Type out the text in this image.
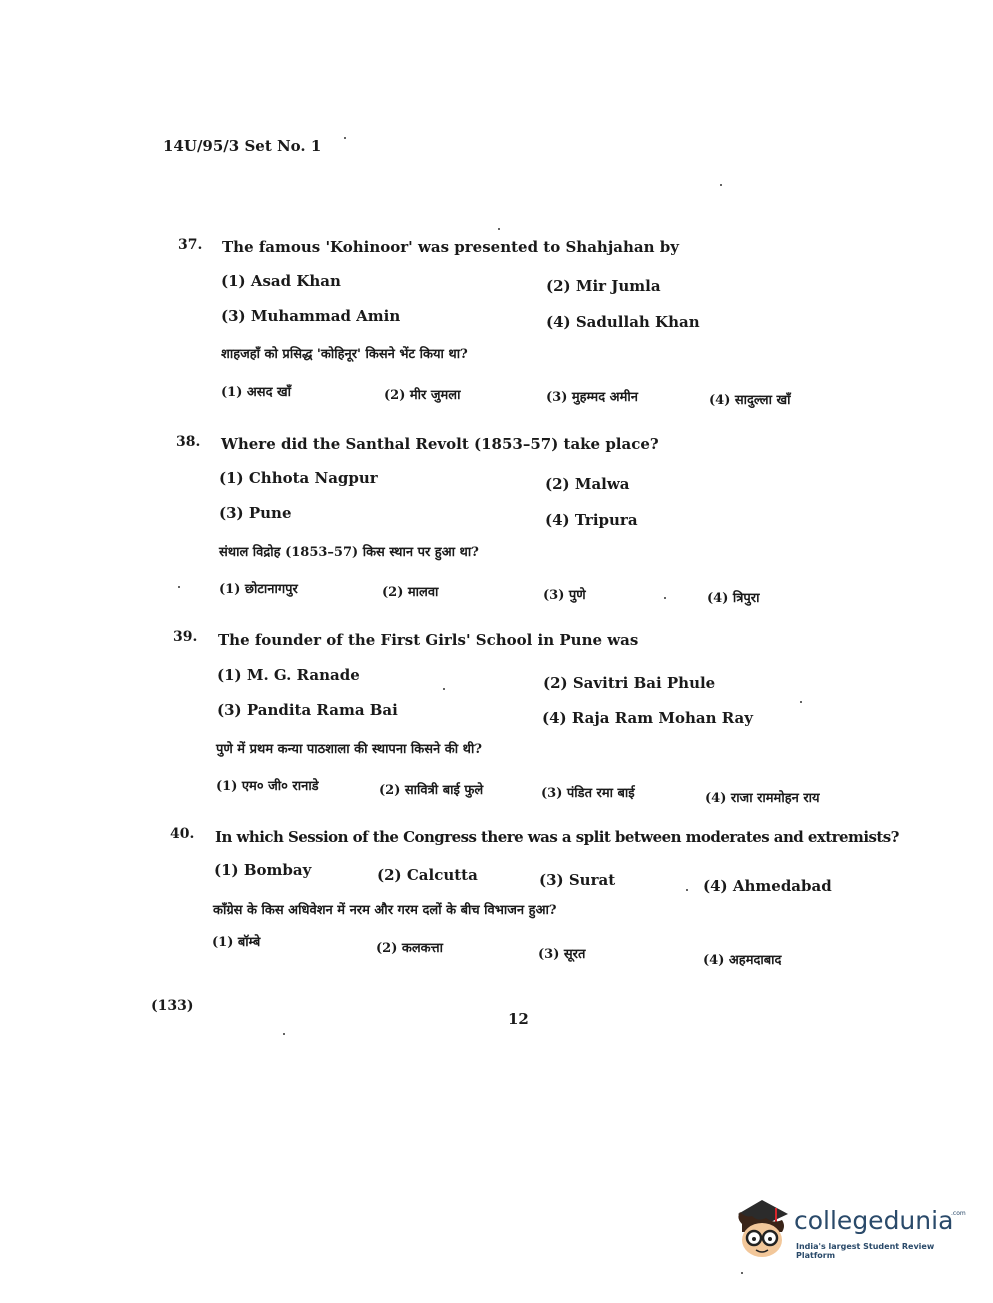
14U/95/3 Set No. 1
37. The famous 'Kohinoor' was presented to Shahjahan by
(1) Asad Khan	(2) Mir Jumla
(3) Muhammad Amin	(4) Sadullah Khan
शाहजहाँ को प्रसिद्ध 'कोहिनूर' किसने भेंट किया था?
(1) असद खाँ	(2) मीर जुमला	(3) मुहम्मद अमीन	(4) सादुल्ला खाँ
38. Where did the Santhal Revolt (1853–57) take place?
(1) Chhota Nagpur	(2) Malwa
(3) Pune	(4) Tripura
संथाल विद्रोह (1853–57) किस स्थान पर हुआ था?
(1) छोटानागपुर	(2) मालवा	(3) पुणे	(4) त्रिपुरा
39. The founder of the First Girls' School in Pune was
(1) M. G. Ranade	(2) Savitri Bai Phule
(3) Pandita Rama Bai	(4) Raja Ram Mohan Ray
पुणे में प्रथम कन्या पाठशाला की स्थापना किसने की थी?
(1) एम० जी० रानाडे	(2) सावित्री बाई फुले	(3) पंडित रमा बाई	(4) राजा राममोहन राय
40. In which Session of the Congress there was a split between moderates and extremists?
(1) Bombay	(2) Calcutta	(3) Surat	(4) Ahmedabad
कॉंग्रेस के किस अधिवेशन में नरम और गरम दलों के बीच विभाजन हुआ?
(1) बॉम्बे	(2) कलकत्ता	(3) सूरत	(4) अहमदाबाद
(133)
12
collegedunia
.com
India's largest Student Review Platform
